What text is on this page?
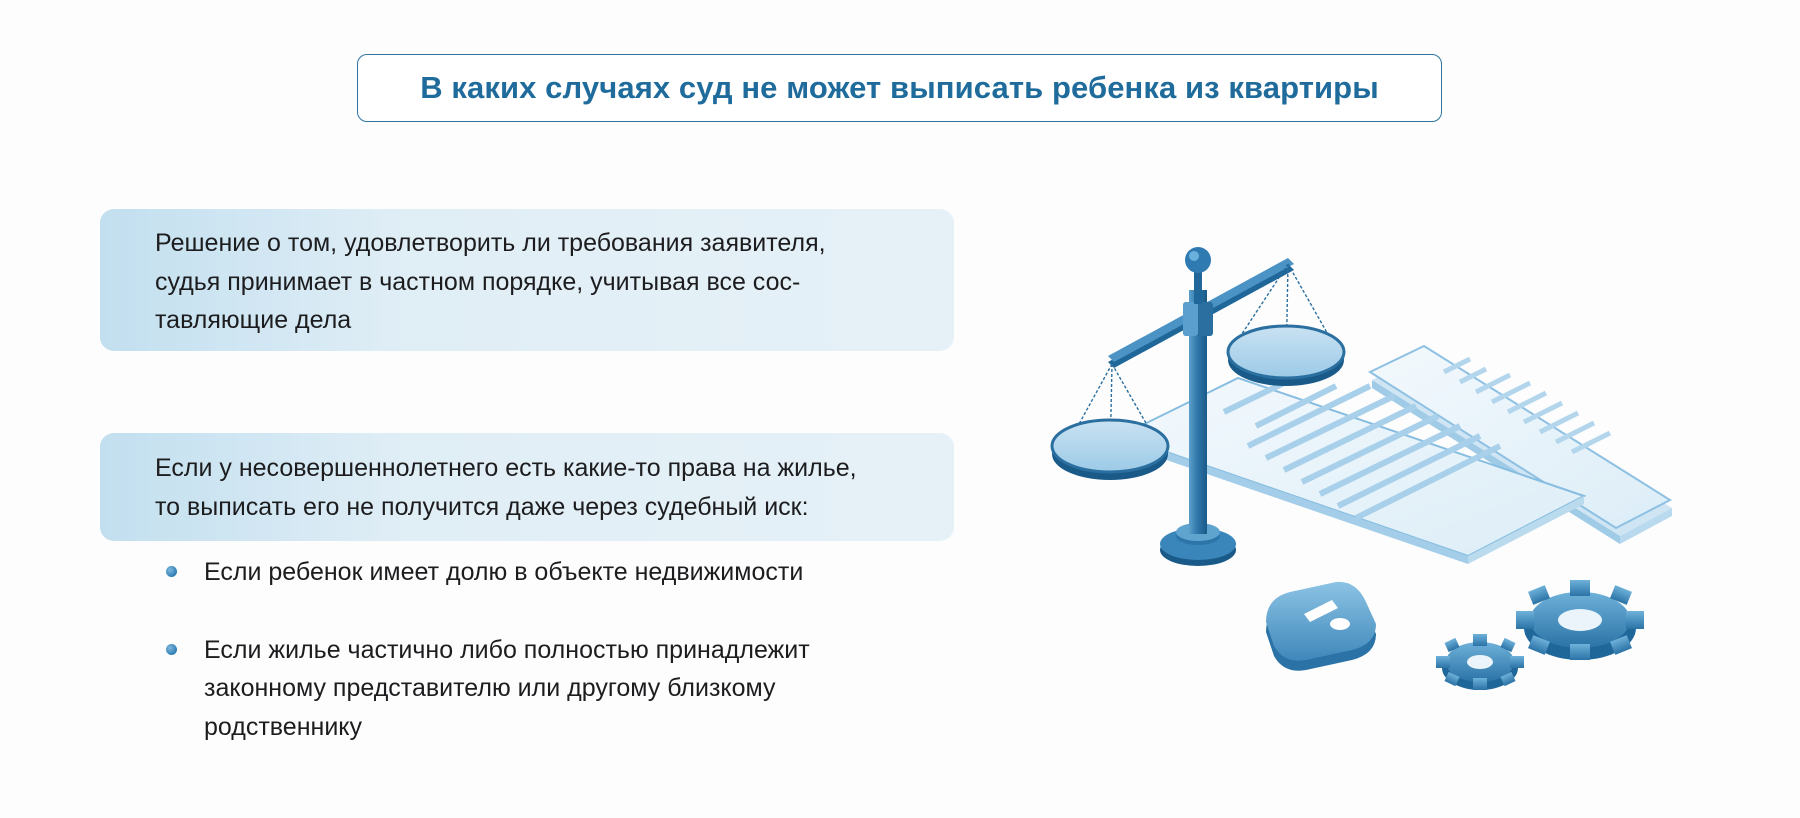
В каких случаях суд не может выписать ребенка из квартиры
Решение о том, удовлетворить ли требования заявителя,
судья принимает в частном порядке, учитывая все сос-
тавляющие дела
Если у несовершеннолетнего есть какие-то права на жилье,
то выписать его не получится даже через судебный иск:
Если ребенок имеет долю в объекте недвижимости
Если жилье частично либо полностью принадлежит
законному представителю или другому близкому
родственнику
